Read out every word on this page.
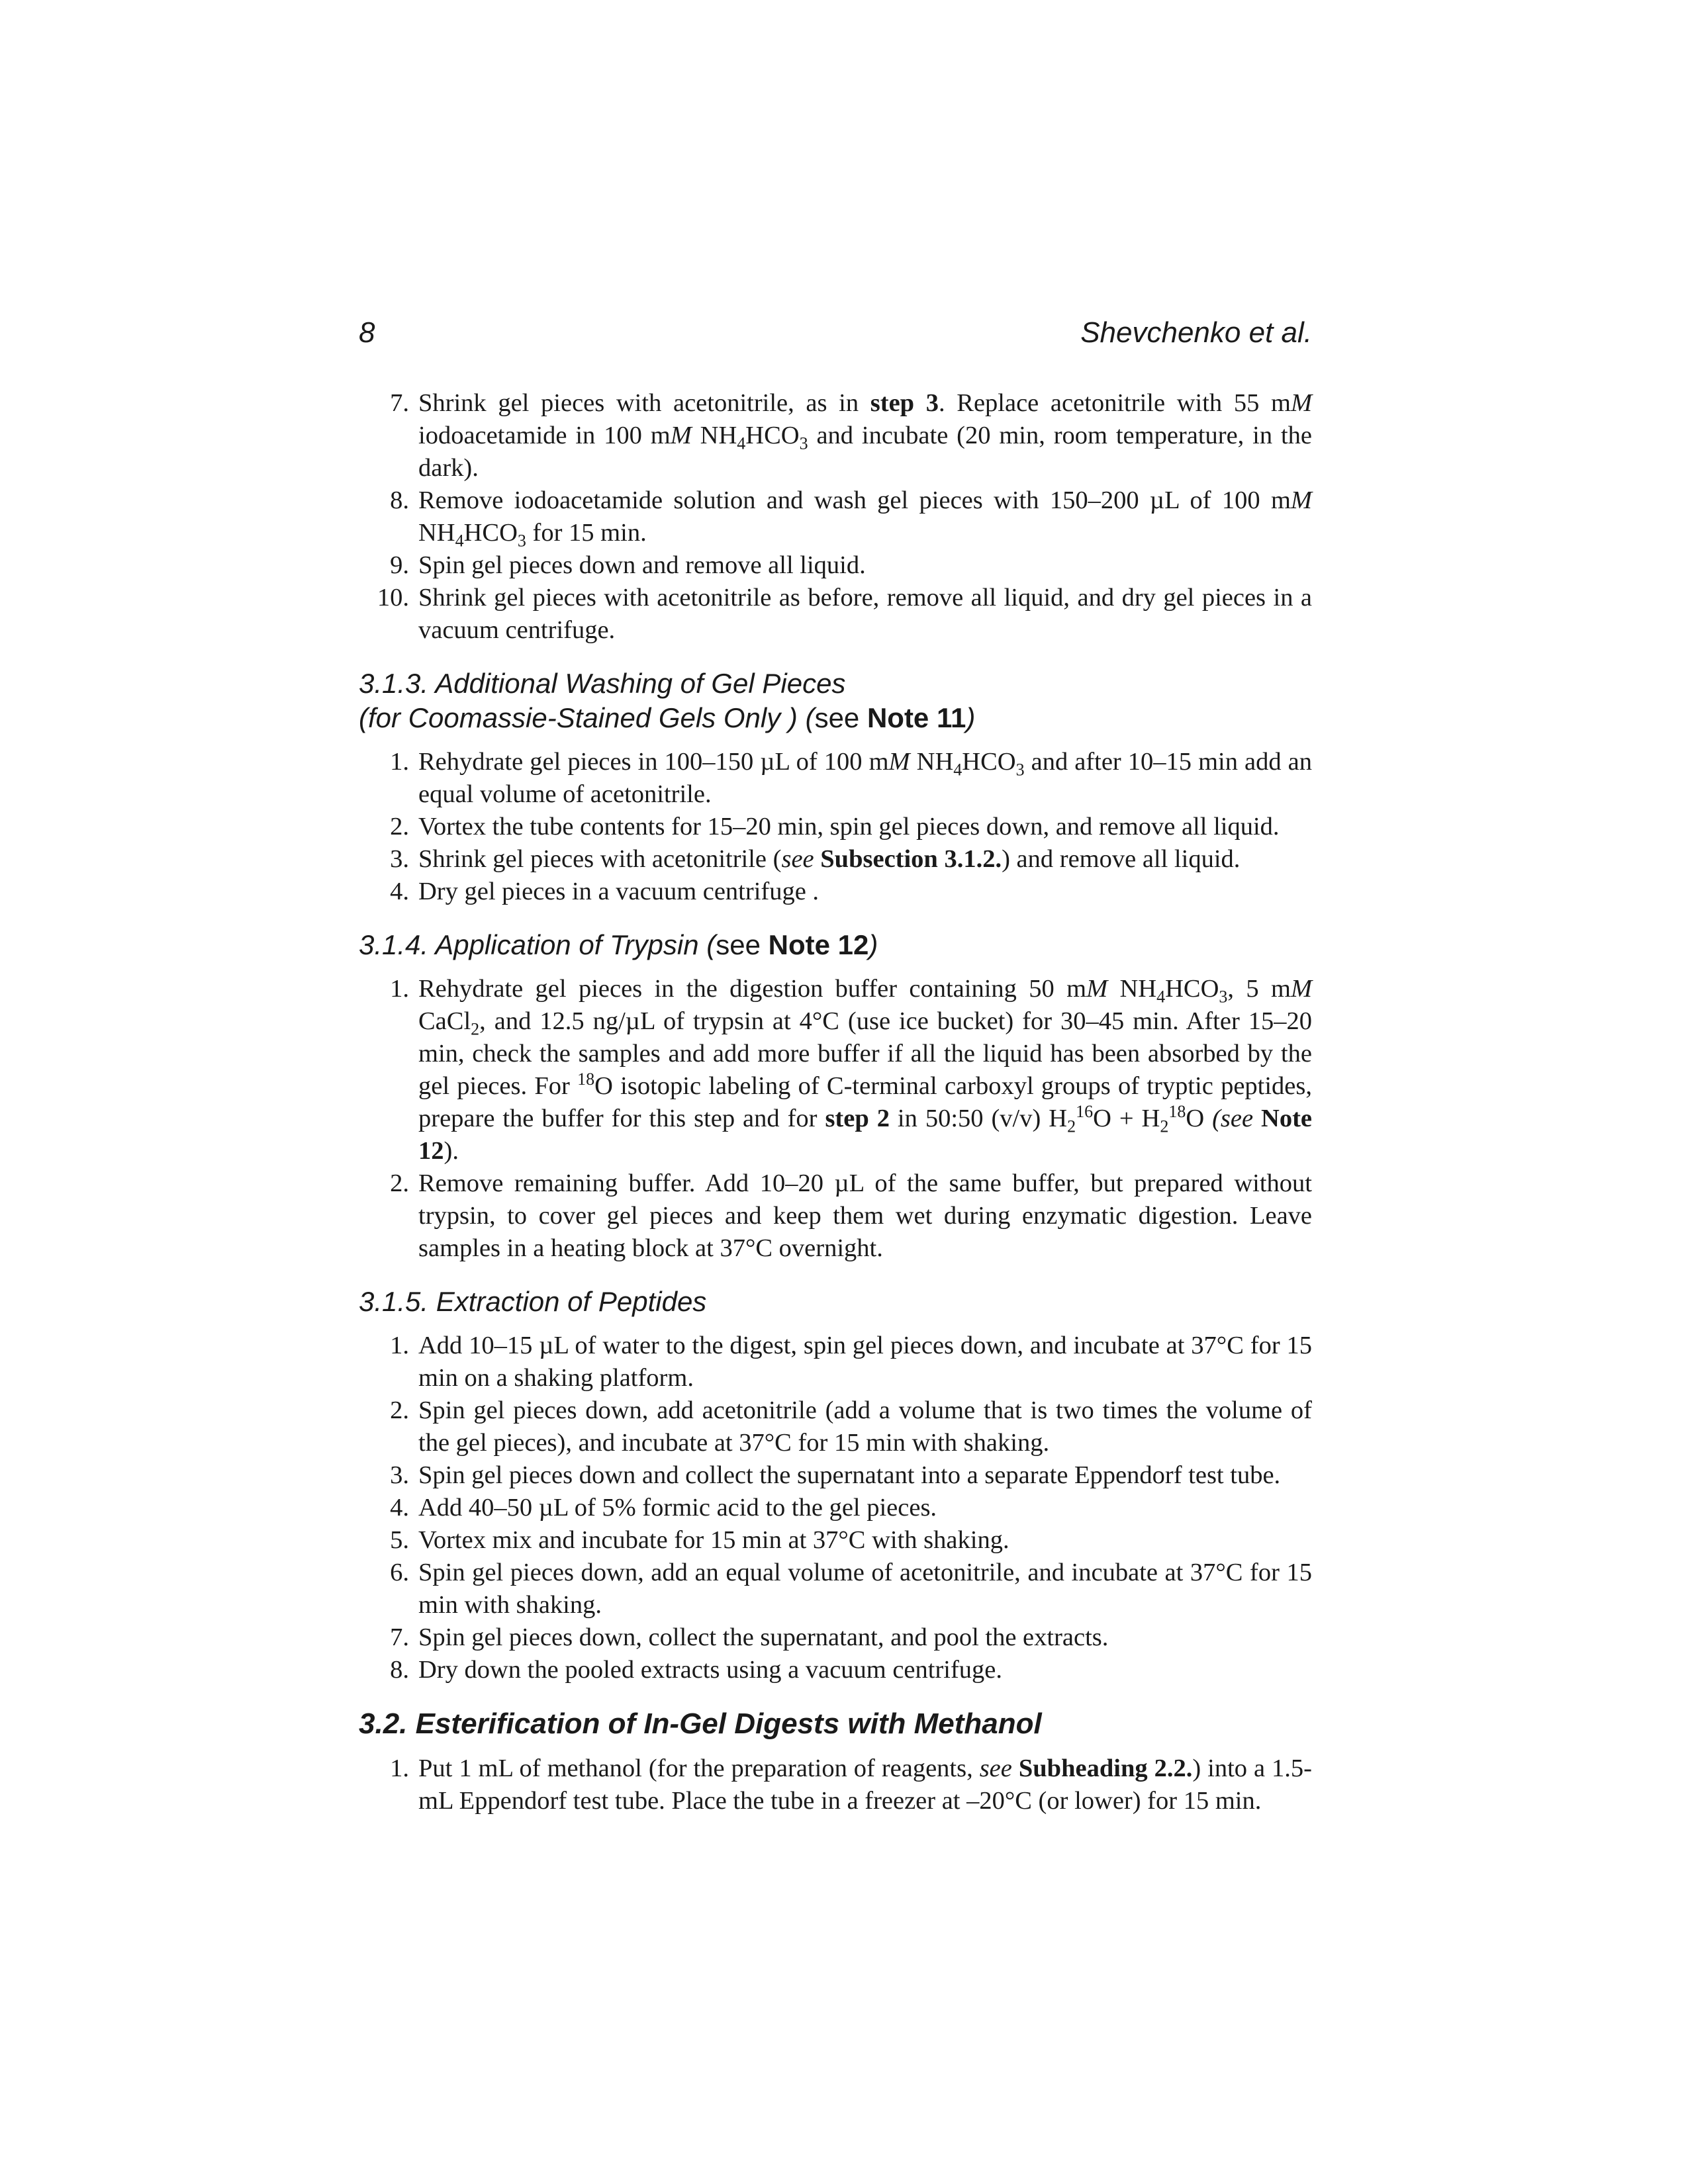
8	Shevchenko et al.
7. Shrink gel pieces with acetonitrile, as in step 3. Replace acetonitrile with 55 mM iodoacetamide in 100 mM $NH_4HCO_3$ and incubate (20 min, room temperature, in the dark).
8. Remove iodoacetamide solution and wash gel pieces with 150–200 µL of 100 mM $NH_4HCO_3$ for 15 min.
9. Spin gel pieces down and remove all liquid.
10. Shrink gel pieces with acetonitrile as before, remove all liquid, and dry gel pieces in a vacuum centrifuge.
3.1.3. Additional Washing of Gel Pieces
(for Coomassie-Stained Gels Only ) (see Note 11)
1. Rehydrate gel pieces in 100–150 µL of 100 mM $NH_4HCO_3$ and after 10–15 min add an equal volume of acetonitrile.
2. Vortex the tube contents for 15–20 min, spin gel pieces down, and remove all liquid.
3. Shrink gel pieces with acetonitrile (see Subsection 3.1.2.) and remove all liquid.
4. Dry gel pieces in a vacuum centrifuge .
3.1.4. Application of Trypsin (see Note 12)
1. Rehydrate gel pieces in the digestion buffer containing 50 mM $NH_4HCO_3$, 5 mM CaCl$_2$, and 12.5 ng/µL of trypsin at 4°C (use ice bucket) for 30–45 min. After 15–20 min, check the samples and add more buffer if all the liquid has been absorbed by the gel pieces. For $^{18}$O isotopic labeling of C-terminal carboxyl groups of tryptic peptides, prepare the buffer for this step and for step 2 in 50:50 (v/v) $H_2^{16}O + H_2^{18}O$ (see Note 12).
2. Remove remaining buffer. Add 10–20 µL of the same buffer, but prepared without trypsin, to cover gel pieces and keep them wet during enzymatic digestion. Leave samples in a heating block at 37°C overnight.
3.1.5. Extraction of Peptides
1. Add 10–15 µL of water to the digest, spin gel pieces down, and incubate at 37°C for 15 min on a shaking platform.
2. Spin gel pieces down, add acetonitrile (add a volume that is two times the volume of the gel pieces), and incubate at 37°C for 15 min with shaking.
3. Spin gel pieces down and collect the supernatant into a separate Eppendorf test tube.
4. Add 40–50 µL of 5% formic acid to the gel pieces.
5. Vortex mix and incubate for 15 min at 37°C with shaking.
6. Spin gel pieces down, add an equal volume of acetonitrile, and incubate at 37°C for 15 min with shaking.
7. Spin gel pieces down, collect the supernatant, and pool the extracts.
8. Dry down the pooled extracts using a vacuum centrifuge.
3.2. Esterification of In-Gel Digests with Methanol
1. Put 1 mL of methanol (for the preparation of reagents, see Subheading 2.2.) into a 1.5-mL Eppendorf test tube. Place the tube in a freezer at –20°C (or lower) for 15 min.
